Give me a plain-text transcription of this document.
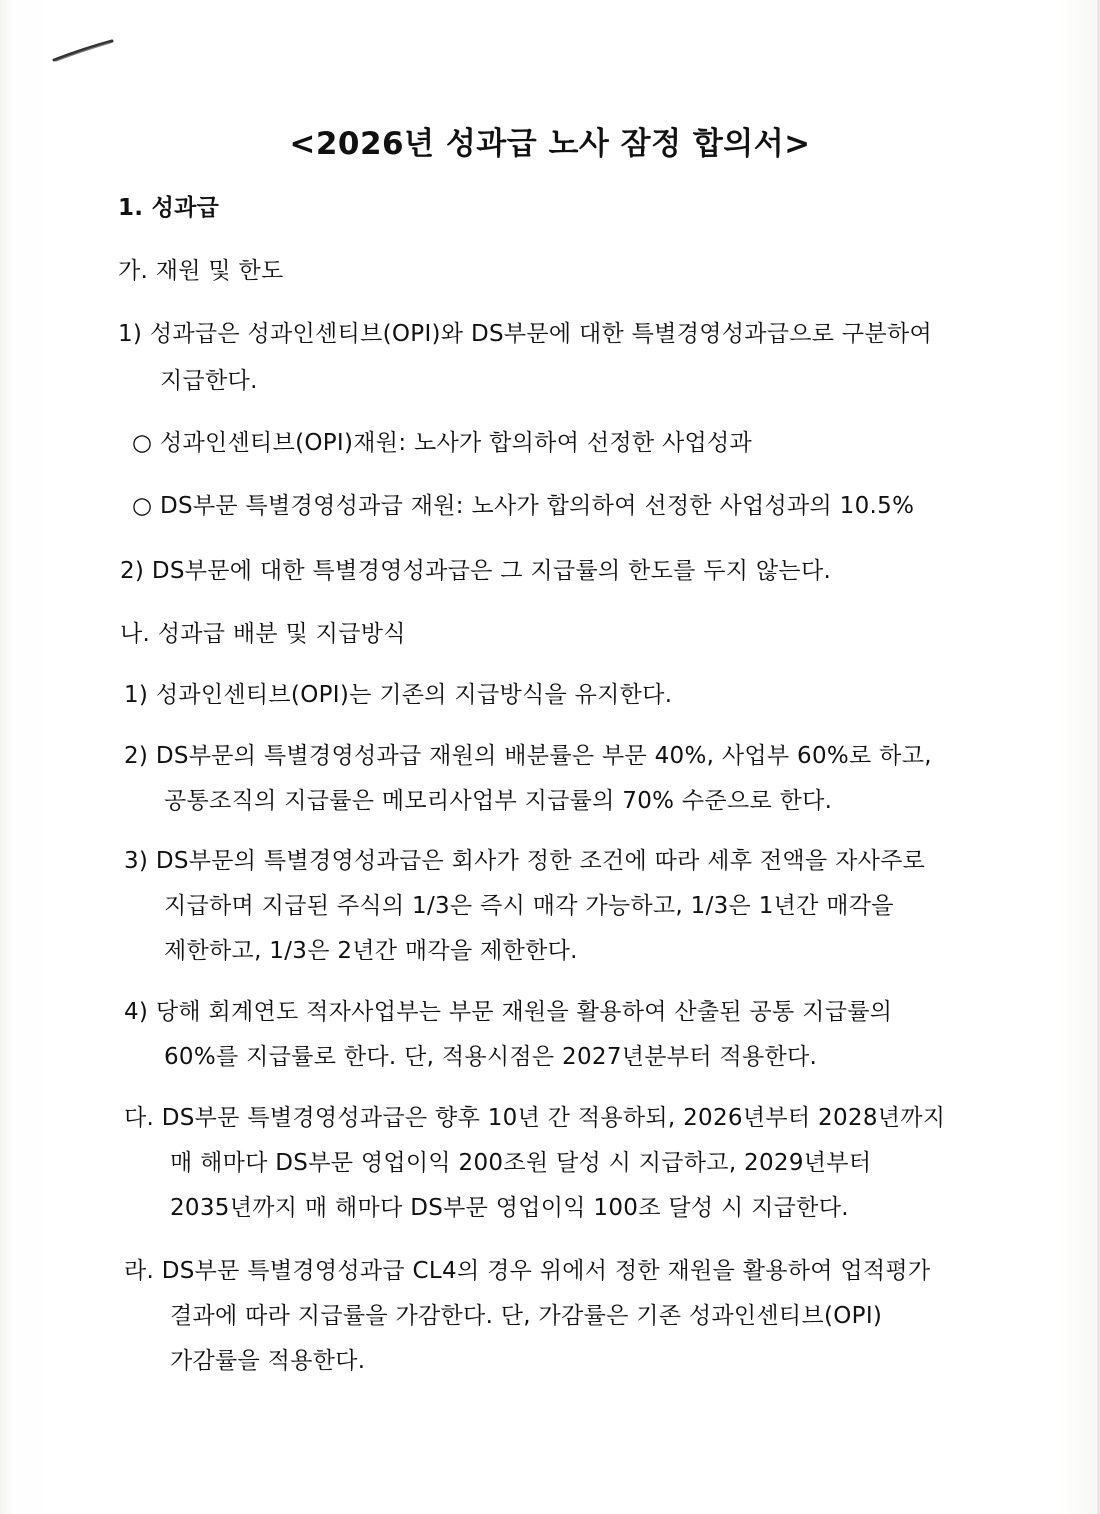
<2026년 성과급 노사 잠정 합의서>
1. 성과급
가. 재원 및 한도
1) 성과급은 성과인센티브(OPI)와 DS부문에 대한 특별경영성과급으로 구분하여
지급한다.
○ 성과인센티브(OPI)재원: 노사가 합의하여 선정한 사업성과
○ DS부문 특별경영성과급 재원: 노사가 합의하여 선정한 사업성과의 10.5%
2) DS부문에 대한 특별경영성과급은 그 지급률의 한도를 두지 않는다.
나. 성과급 배분 및 지급방식
1) 성과인센티브(OPI)는 기존의 지급방식을 유지한다.
2) DS부문의 특별경영성과급 재원의 배분률은 부문 40%, 사업부 60%로 하고,
공통조직의 지급률은 메모리사업부 지급률의 70% 수준으로 한다.
3) DS부문의 특별경영성과급은 회사가 정한 조건에 따라 세후 전액을 자사주로
지급하며 지급된 주식의 1/3은 즉시 매각 가능하고, 1/3은 1년간 매각을
제한하고, 1/3은 2년간 매각을 제한한다.
4) 당해 회계연도 적자사업부는 부문 재원을 활용하여 산출된 공통 지급률의
60%를 지급률로 한다. 단, 적용시점은 2027년분부터 적용한다.
다. DS부문 특별경영성과급은 향후 10년 간 적용하되, 2026년부터 2028년까지
매 해마다 DS부문 영업이익 200조원 달성 시 지급하고, 2029년부터
2035년까지 매 해마다 DS부문 영업이익 100조 달성 시 지급한다.
라. DS부문 특별경영성과급 CL4의 경우 위에서 정한 재원을 활용하여 업적평가
결과에 따라 지급률을 가감한다. 단, 가감률은 기존 성과인센티브(OPI)
가감률을 적용한다.
